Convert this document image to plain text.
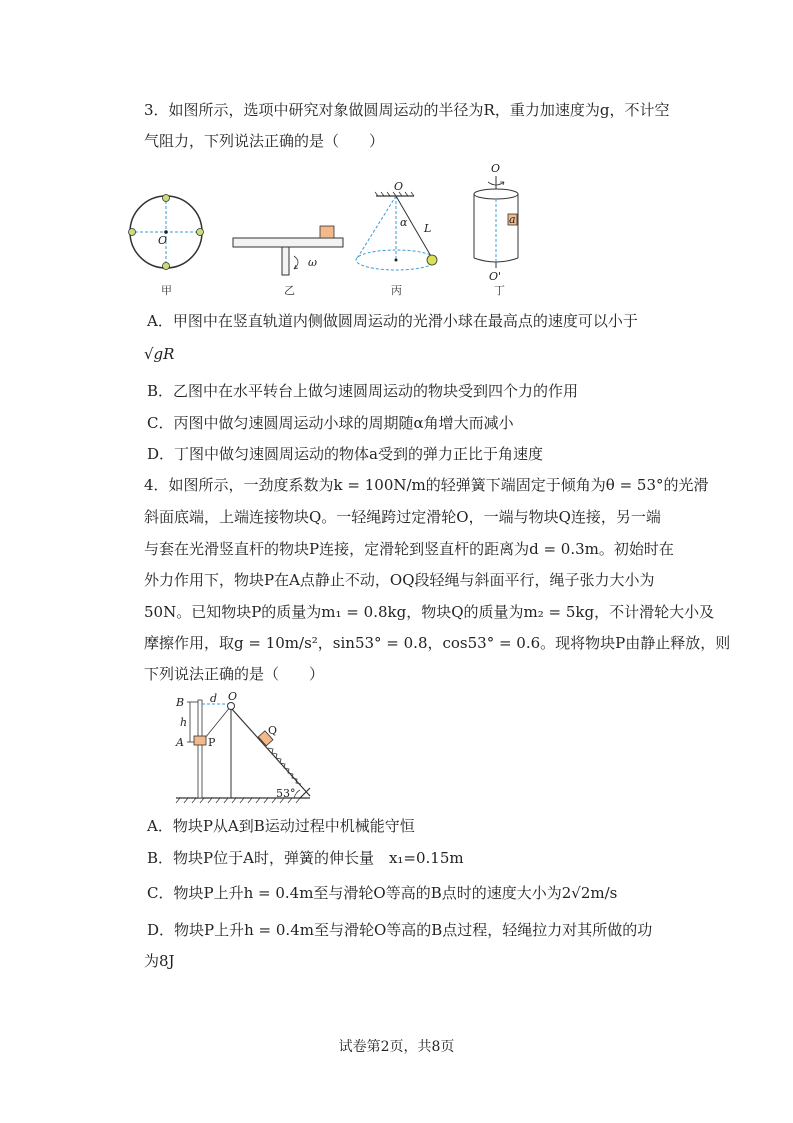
3．如图所示，选项中研究对象做圆周运动的半径为R，重力加速度为g，不计空
气阻力，下列说法正确的是（　　）
O
甲
ω
乙
O
α L
丙
O
a
O'
丁
A．甲图中在竖直轨道内侧做圆周运动的光滑小球在最高点的速度可以小于
√gR
B．乙图中在水平转台上做匀速圆周运动的物块受到四个力的作用
C．丙图中做匀速圆周运动小球的周期随α角增大而减小
D．丁图中做匀速圆周运动的物体a受到的弹力正比于角速度
4．如图所示，一劲度系数为k = 100N/m的轻弹簧下端固定于倾角为θ = 53°的光滑
斜面底端，上端连接物块Q。一轻绳跨过定滑轮O，一端与物块Q连接，另一端
与套在光滑竖直杆的物块P连接，定滑轮到竖直杆的距离为d = 0.3m。初始时在
外力作用下，物块P在A点静止不动，OQ段轻绳与斜面平行，绳子张力大小为
50N。已知物块P的质量为m₁ = 0.8kg，物块Q的质量为m₂ = 5kg，不计滑轮大小及
摩擦作用，取g = 10m/s²，sin53° = 0.8，cos53° = 0.6。现将物块P由静止释放，则
下列说法正确的是（　　）
B d O
h
A P
Q
53°
A．物块P从A到B运动过程中机械能守恒
B．物块P位于A时，弹簧的伸长量　x₁=0.15m
C．物块P上升h = 0.4m至与滑轮O等高的B点时的速度大小为2√2m/s
D．物块P上升h = 0.4m至与滑轮O等高的B点过程，轻绳拉力对其所做的功
为8J
试卷第2页，共8页
